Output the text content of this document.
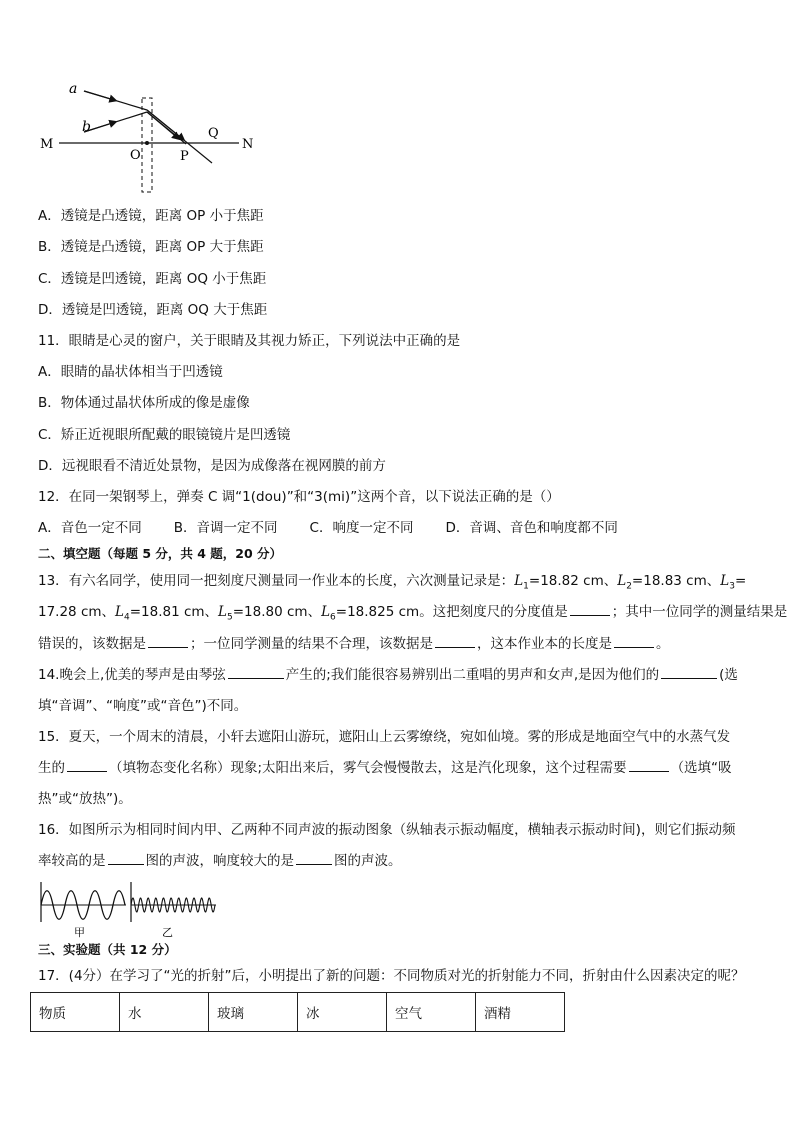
a
b
M	N
O	P
Q
A．透镜是凸透镜，距离 OP 小于焦距
B．透镜是凸透镜，距离 OP 大于焦距
C．透镜是凹透镜，距离 OQ 小于焦距
D．透镜是凹透镜，距离 OQ 大于焦距
11．眼睛是心灵的窗户，关于眼睛及其视力矫正，下列说法中正确的是
A．眼睛的晶状体相当于凹透镜
B．物体通过晶状体所成的像是虚像
C．矫正近视眼所配戴的眼镜镜片是凹透镜
D．远视眼看不清近处景物，是因为成像落在视网膜的前方
12．在同一架钢琴上，弹奏 C 调“1(dou)”和“3(mi)”这两个音，以下说法正确的是（）
A．音色一定不同 B．音调一定不同 C．响度一定不同 D．音调、音色和响度都不同
二、填空题（每题 5 分，共 4 题，20 分）
13．有六名同学，使用同一把刻度尺测量同一作业本的长度，六次测量记录是：$L_1=18.82$ cm、$L_2=18.83$ cm、$L_3=$
17.28 cm、$L_4=18.81$ cm、$L_5=18.80$ cm、$L_6=18.825$ cm。这把刻度尺的分度值是	；其中一位同学的测量结果是
错误的，该数据是	；一位同学测量的结果不合理，该数据是	，这本作业本的长度是	。
14.晚会上,优美的琴声是由琴弦	产生的;我们能很容易辨别出二重唱的男声和女声,是因为他们的	(选
填“音调”、“响度”或“音色”)不同。
15．夏天，一个周末的清晨，小轩去遮阳山游玩，遮阳山上云雾缭绕，宛如仙境。雾的形成是地面空气中的水蒸气发
生的	（填物态变化名称）现象;太阳出来后，雾气会慢慢散去，这是汽化现象，这个过程需要	（选填“吸
热”或“放热”)。
16．如图所示为相同时间内甲、乙两种不同声波的振动图象（纵轴表示振动幅度，横轴表示振动时间)，则它们振动频
率较高的是	图的声波，响度较大的是	图的声波。
甲	乙
三、实验题（共 12 分）
17．(4分）在学习了“光的折射”后，小明提出了新的问题：不同物质对光的折射能力不同，折射由什么因素决定的呢？
物质	水	玻璃	冰	空气	酒精
